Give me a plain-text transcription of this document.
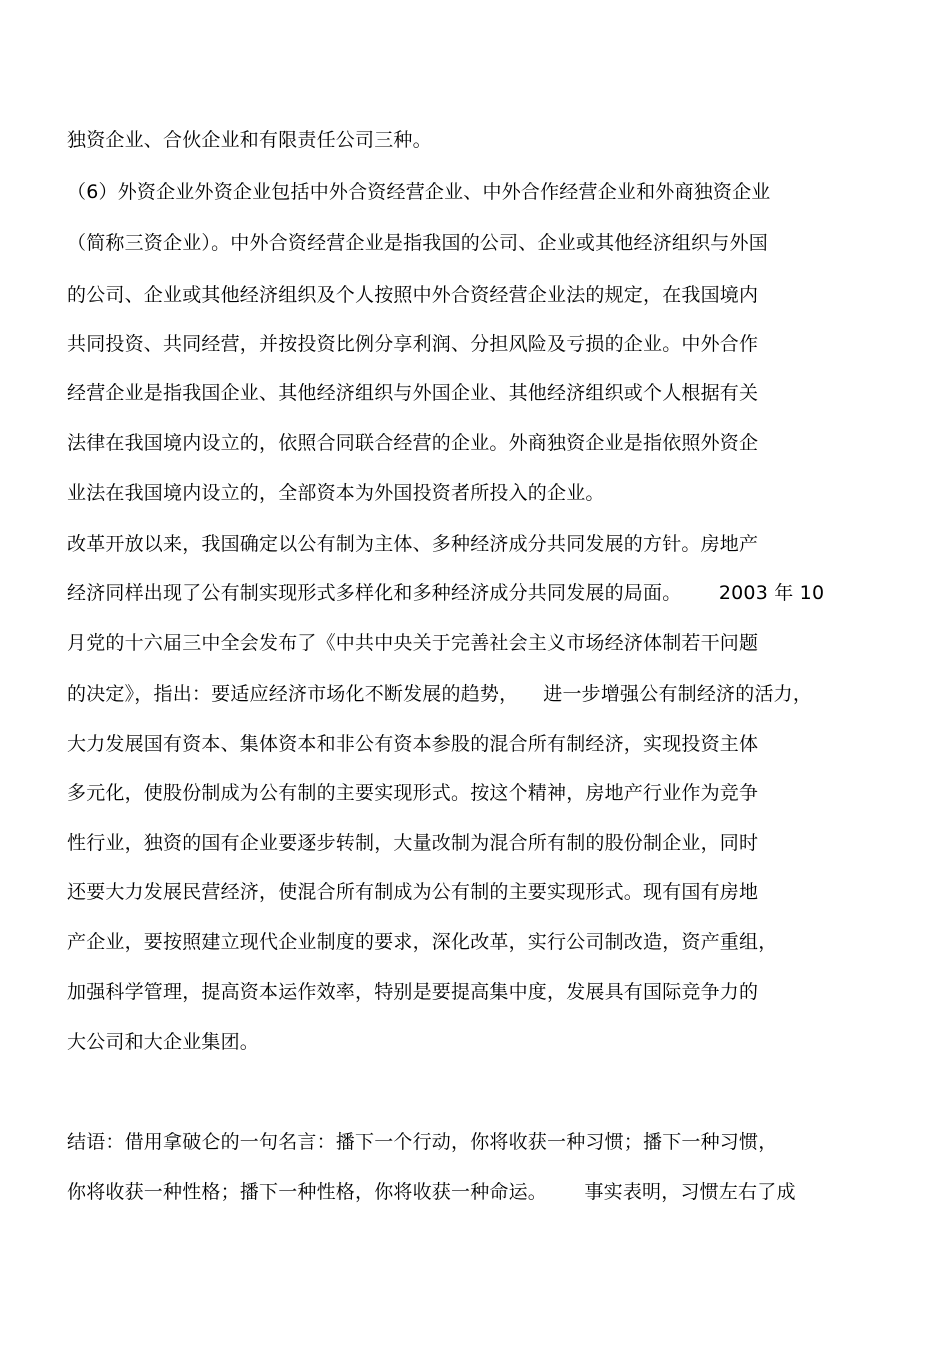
独资企业、合伙企业和有限责任公司三种。
（6）外资企业外资企业包括中外合资经营企业、中外合作经营企业和外商独资企业
（简称三资企业）。中外合资经营企业是指我国的公司、企业或其他经济组织与外国
的公司、企业或其他经济组织及个人按照中外合资经营企业法的规定，在我国境内
共同投资、共同经营，并按投资比例分享利润、分担风险及亏损的企业。中外合作
经营企业是指我国企业、其他经济组织与外国企业、其他经济组织或个人根据有关
法律在我国境内设立的，依照合同联合经营的企业。外商独资企业是指依照外资企
业法在我国境内设立的，全部资本为外国投资者所投入的企业。
改革开放以来，我国确定以公有制为主体、多种经济成分共同发展的方针。房地产
经济同样出现了公有制实现形式多样化和多种经济成分共同发展的局面。      2003 年 10
月党的十六届三中全会发布了《中共中央关于完善社会主义市场经济体制若干问题
的决定》，指出：要适应经济市场化不断发展的趋势，    进一步增强公有制经济的活力，
大力发展国有资本、集体资本和非公有资本参股的混合所有制经济，实现投资主体
多元化，使股份制成为公有制的主要实现形式。按这个精神，房地产行业作为竞争
性行业，独资的国有企业要逐步转制，大量改制为混合所有制的股份制企业，同时
还要大力发展民营经济，使混合所有制成为公有制的主要实现形式。现有国有房地
产企业，要按照建立现代企业制度的要求，深化改革，实行公司制改造，资产重组，
加强科学管理，提高资本运作效率，特别是要提高集中度，发展具有国际竞争力的
大公司和大企业集团。
结语：借用拿破仑的一句名言：播下一个行动，你将收获一种习惯；播下一种习惯，
你将收获一种性格；播下一种性格，你将收获一种命运。      事实表明，习惯左右了成
